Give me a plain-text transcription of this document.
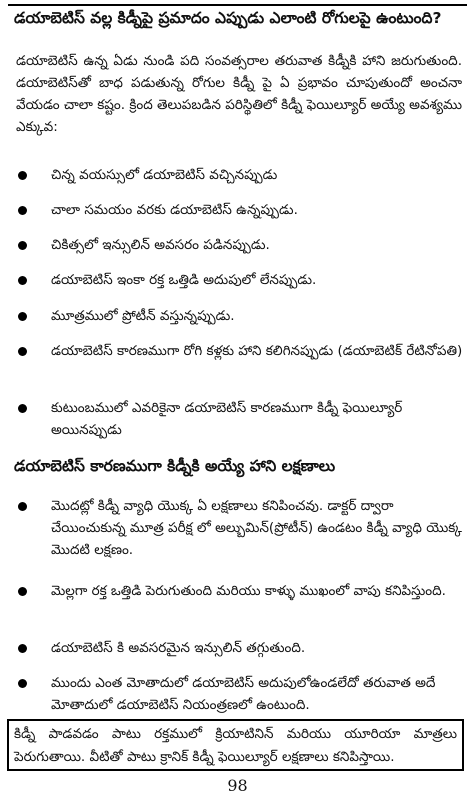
డయాబెటిస్ వల్ల కిడ్నీపై ప్రమాదం ఎప్పుడు ఎలాంటి రోగులపై ఉంటుంది?
డయాబెటిస్ ఉన్న ఏడు నుండి పది సంవత్సరాల తరువాత కిడ్నీకి హాని జరుగుతుంది. డయాబెటిస్‌తో బాధ పడుతున్న రోగుల కిడ్నీ పై ఏ ప్రభావం చూపుతుందో అంచనా వేయడం చాలా కష్టం. క్రింద తెలుపబడిన పరిస్థితిలో కిడ్నీ ఫెయిల్యూర్ అయ్యే అవశ్యము ఎక్కువ:
చిన్న వయస్సులో డయాబెటిస్ వచ్చినప్పుడు
చాలా సమయం వరకు డయాబెటిస్ ఉన్నప్పుడు.
చికిత్సలో ఇన్సులిన్ అవసరం పడినప్పుడు.
డయాబెటిస్ ఇంకా రక్త ఒత్తిడి అదుపులో లేనప్పుడు.
మూత్రములో ప్రోటీన్ వస్తున్నప్పుడు.
డయాబెటిస్ కారణముగా రోగి కళ్లకు హాని కలిగినప్పుడు (డయాబెటిక్ రేటినోపతి)
కుటుంబములో ఎవరికైనా డయాబెటిస్ కారణముగా కిడ్నీ ఫెయిల్యూర్ అయినప్పుడు
డయాబెటిస్ కారణముగా కిడ్నీకి అయ్యే హాని లక్షణాలు
మొదట్లో కిడ్నీ వ్యాధి యొక్క ఏ లక్షణాలు కనిపించవు. డాక్టర్ ద్వారా చేయించుకున్న మూత్ర పరీక్ష లో అల్బుమిన్(ప్రోటీన్) ఉండటం కిడ్నీ వ్యాధి యొక్క మొదటి లక్షణం.
మెల్లగా రక్త ఒత్తిడి పెరుగుతుంది మరియు కాళ్ళు ముఖంలో వాపు కనిపిస్తుంది.
డయాబెటిస్ కి అవసరమైన ఇన్సులిన్ తగ్గుతుంది.
ముందు ఎంత మోతాదులో డయాబెటిస్ అదుపులోఉండలేదో తరువాత అదే మోతాదులో డయాబెటిస్ నియంత్రణలో ఉంటుంది.
కిడ్నీ పాడవడం పాటు రక్తములో క్రియాటినిన్ మరియు యూరియా మాత్రలు పెరుగుతాయి. వీటితో పాటు క్రానిక్ కిడ్నీ ఫెయిల్యూర్ లక్షణాలు కనిపిస్తాయి.
98
